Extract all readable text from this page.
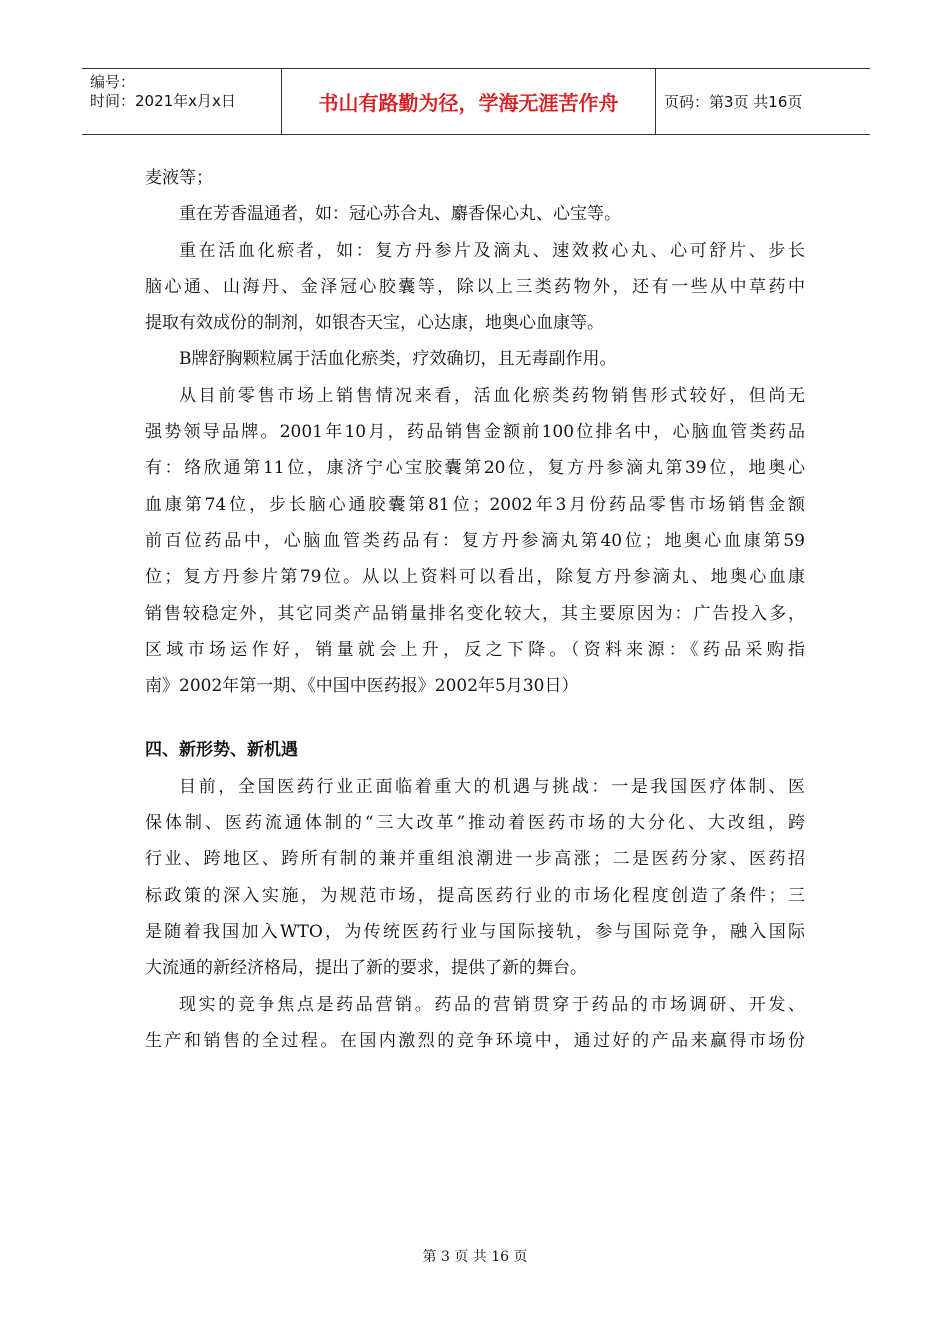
编号：
时间：2021年x月x日	书山有路勤为径，学海无涯苦作舟	页码：第3页 共16页
麦液等；
重在芳香温通者，如：冠心苏合丸、麝香保心丸、心宝等。
重在活血化瘀者，如：复方丹参片及滴丸、速效救心丸、心可舒片、步长
脑心通、山海丹、金泽冠心胶囊等，除以上三类药物外，还有一些从中草药中
提取有效成份的制剂，如银杏天宝，心达康，地奥心血康等。
B牌舒胸颗粒属于活血化瘀类，疗效确切，且无毒副作用。
从目前零售市场上销售情况来看，活血化瘀类药物销售形式较好，但尚无
强势领导品牌。2001年10月，药品销售金额前100位排名中，心脑血管类药品
有：络欣通第11位，康济宁心宝胶囊第20位，复方丹参滴丸第39位，地奥心
血康第74位，步长脑心通胶囊第81位；2002年3月份药品零售市场销售金额
前百位药品中，心脑血管类药品有：复方丹参滴丸第40位；地奥心血康第59
位；复方丹参片第79位。从以上资料可以看出，除复方丹参滴丸、地奥心血康
销售较稳定外，其它同类产品销量排名变化较大，其主要原因为：广告投入多，
区域市场运作好，销量就会上升，反之下降。（资料来源：《药品采购指
南》2002年第一期、《中国中医药报》2002年5月30日）
四、新形势、新机遇
目前，全国医药行业正面临着重大的机遇与挑战：一是我国医疗体制、医
保体制、医药流通体制的“三大改革”推动着医药市场的大分化、大改组，跨
行业、跨地区、跨所有制的兼并重组浪潮进一步高涨；二是医药分家、医药招
标政策的深入实施，为规范市场，提高医药行业的市场化程度创造了条件；三
是随着我国加入WTO，为传统医药行业与国际接轨，参与国际竞争，融入国际
大流通的新经济格局，提出了新的要求，提供了新的舞台。
现实的竞争焦点是药品营销。药品的营销贯穿于药品的市场调研、开发、
生产和销售的全过程。在国内激烈的竞争环境中，通过好的产品来赢得市场份
第 3 页 共 16 页
